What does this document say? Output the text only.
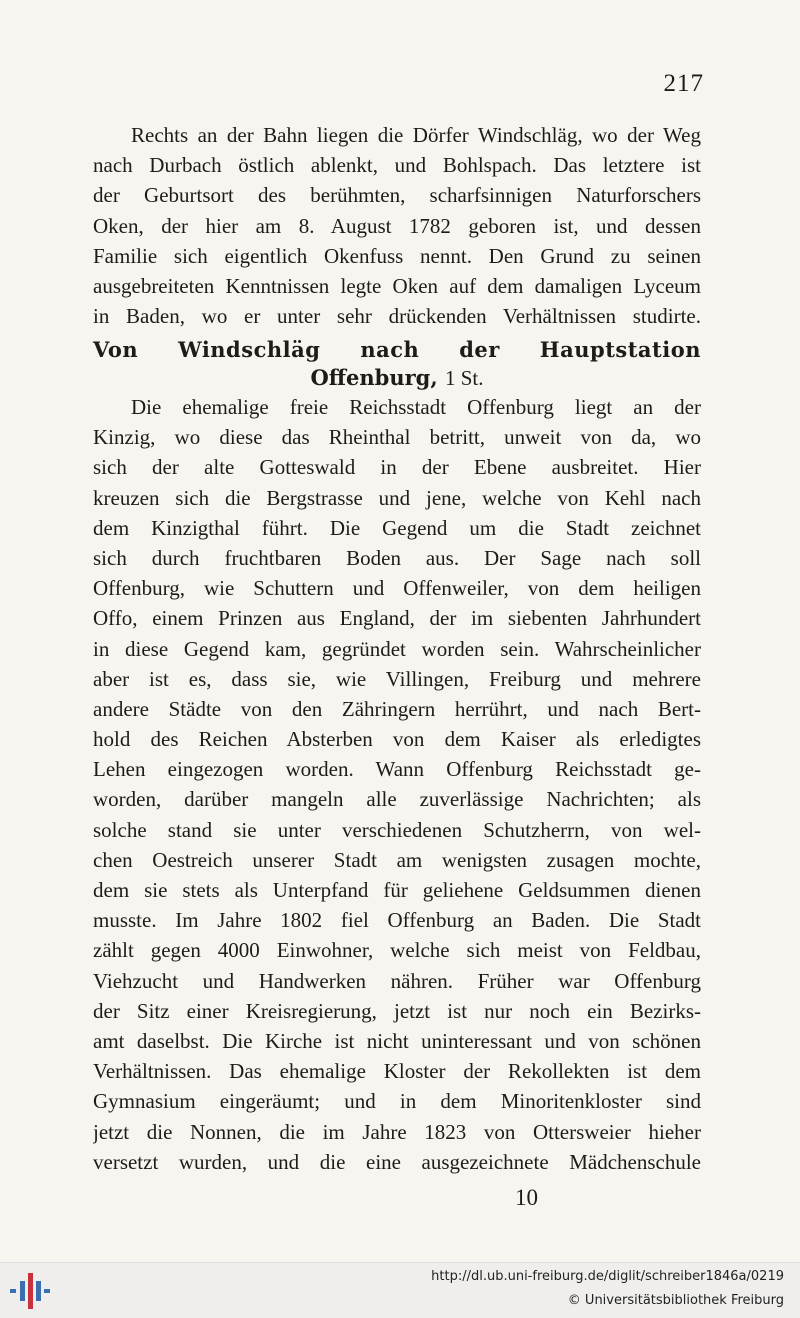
217
Rechts an der Bahn liegen die Dörfer Windschläg, wo der Weg
nach Durbach östlich ablenkt, und Bohlspach. Das letztere ist
der Geburtsort des berühmten, scharfsinnigen Naturforschers
Oken, der hier am 8. August 1782 geboren ist, und dessen
Familie sich eigentlich Okenfuss nennt. Den Grund zu seinen
ausgebreiteten Kenntnissen legte Oken auf dem damaligen Lyceum
in Baden, wo er unter sehr drückenden Verhältnissen studirte.
Von Windschläg nach der Hauptstation
Offenburg, 1 St.
Die ehemalige freie Reichsstadt Offenburg liegt an der
Kinzig, wo diese das Rheinthal betritt, unweit von da, wo
sich der alte Gotteswald in der Ebene ausbreitet. Hier
kreuzen sich die Bergstrasse und jene, welche von Kehl nach
dem Kinzigthal führt. Die Gegend um die Stadt zeichnet
sich durch fruchtbaren Boden aus. Der Sage nach soll
Offenburg, wie Schuttern und Offenweiler, von dem heiligen
Offo, einem Prinzen aus England, der im siebenten Jahrhundert
in diese Gegend kam, gegründet worden sein. Wahrscheinlicher
aber ist es, dass sie, wie Villingen, Freiburg und mehrere
andere Städte von den Zähringern herrührt, und nach Bert-
hold des Reichen Absterben von dem Kaiser als erledigtes
Lehen eingezogen worden. Wann Offenburg Reichsstadt ge-
worden, darüber mangeln alle zuverlässige Nachrichten; als
solche stand sie unter verschiedenen Schutzherrn, von wel-
chen Oestreich unserer Stadt am wenigsten zusagen mochte,
dem sie stets als Unterpfand für geliehene Geldsummen dienen
musste. Im Jahre 1802 fiel Offenburg an Baden. Die Stadt
zählt gegen 4000 Einwohner, welche sich meist von Feldbau,
Viehzucht und Handwerken nähren. Früher war Offenburg
der Sitz einer Kreisregierung, jetzt ist nur noch ein Bezirks-
amt daselbst. Die Kirche ist nicht uninteressant und von schönen
Verhältnissen. Das ehemalige Kloster der Rekollekten ist dem
Gymnasium eingeräumt; und in dem Minoritenkloster sind
jetzt die Nonnen, die im Jahre 1823 von Ottersweier hieher
versetzt wurden, und die eine ausgezeichnete Mädchenschule
10
http://dl.ub.uni-freiburg.de/diglit/schreiber1846a/0219
© Universitätsbibliothek Freiburg
